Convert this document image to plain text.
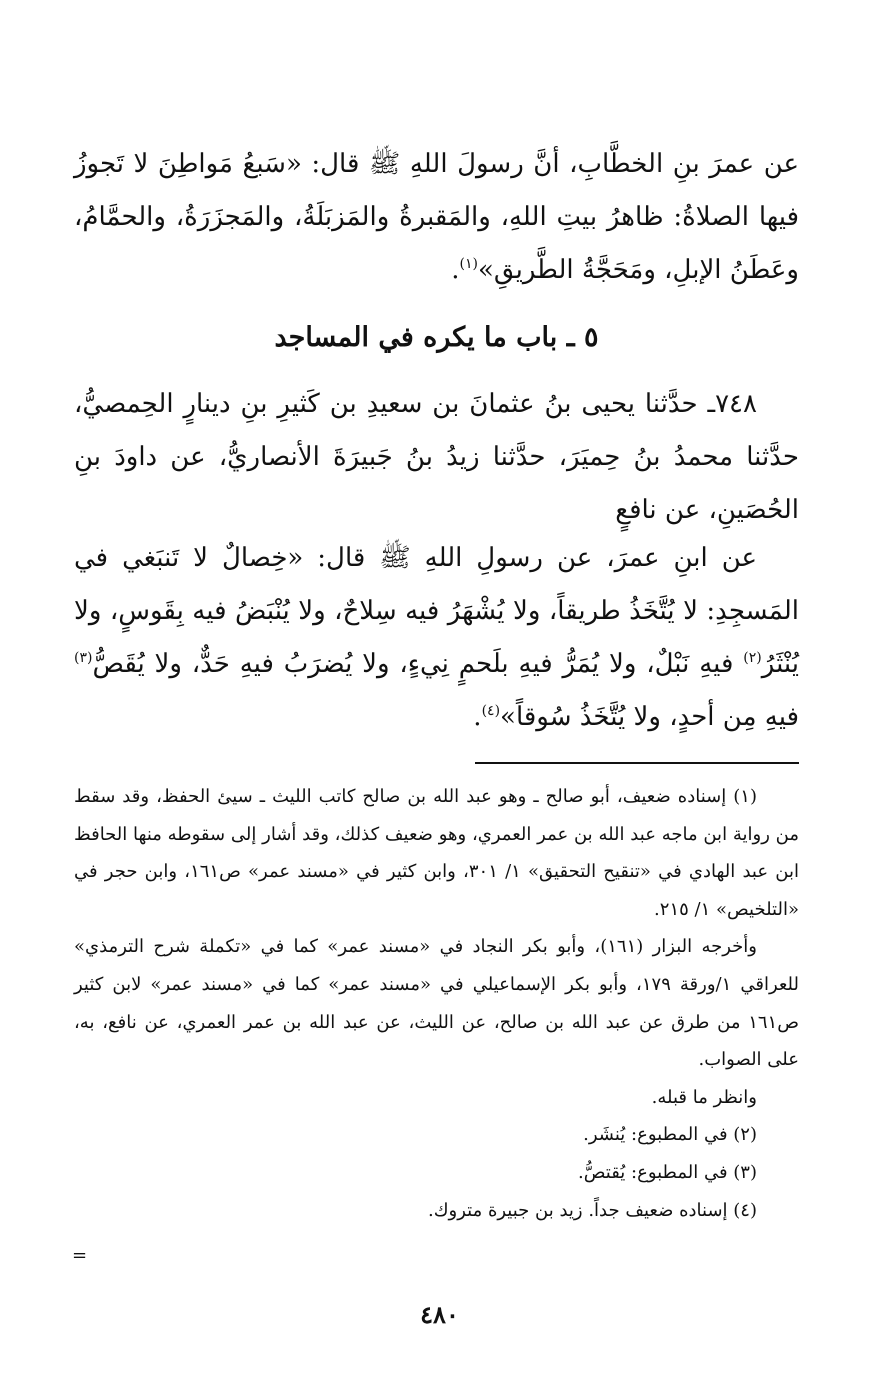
عن عمرَ بنِ الخطَّابِ، أنَّ رسولَ اللهِ ﷺ قال: «سَبعُ مَواطِنَ لا تَجوزُ فيها الصلاةُ: ظاهرُ بيتِ اللهِ، والمَقبرةُ والمَزبَلَةُ، والمَجزَرَةُ، والحمَّامُ، وعَطَنُ الإبلِ، ومَحَجَّةُ الطَّريقِ»$^{(١)}$.
٥ ـ باب ما يكره في المساجد
٧٤٨ـ حدَّثنا يحيى بنُ عثمانَ بن سعيدِ بن كَثيرِ بنِ دينارٍ الحِمصيُّ، حدَّثنا محمدُ بنُ حِميَرَ، حدَّثنا زيدُ بنُ جَبيرَةَ الأنصاريُّ، عن داودَ بنِ الحُصَينِ، عن نافعٍ
عن ابنِ عمرَ، عن رسولِ اللهِ ﷺ قال: «خِصالٌ لا تَنبَغي في المَسجِدِ: لا يُتَّخَذُ طريقاً، ولا يُشْهَرُ فيه سِلاحٌ، ولا يُنْبَضُ فيه بِقَوسٍ، ولا يُنْثَرُ$^{(٢)}$ فيهِ نَبْلٌ، ولا يُمَرُّ فيهِ بلَحمٍ نِيءٍ، ولا يُضرَبُ فيهِ حَدٌّ، ولا يُقَصُّ$^{(٣)}$ فيهِ مِن أحدٍ، ولا يُتَّخَذُ سُوقاً»$^{(٤)}$.

(١) إسناده ضعيف، أبو صالح ـ وهو عبد الله بن صالح كاتب الليث ـ سيئ الحفظ، وقد سقط من رواية ابن ماجه عبد الله بن عمر العمري، وهو ضعيف كذلك، وقد أشار إلى سقوطه منها الحافظ ابن عبد الهادي في «تنقيح التحقيق» ١/ ٣٠١، وابن كثير في «مسند عمر» ص١٦١، وابن حجر في «التلخيص» ١/ ٢١٥.

وأخرجه البزار (١٦١)، وأبو بكر النجاد في «مسند عمر» كما في «تكملة شرح الترمذي» للعراقي ١/ورقة ١٧٩، وأبو بكر الإسماعيلي في «مسند عمر» كما في «مسند عمر» لابن كثير ص١٦١ من طرق عن عبد الله بن صالح، عن الليث، عن عبد الله بن عمر العمري، عن نافع، به، على الصواب.

وانظر ما قبله.

(٢) في المطبوع: يُنشَر.

(٣) في المطبوع: يُقتصُّ.

(٤) إسناده ضعيف جداً. زيد بن جبيرة متروك.

=
٤٨٠
